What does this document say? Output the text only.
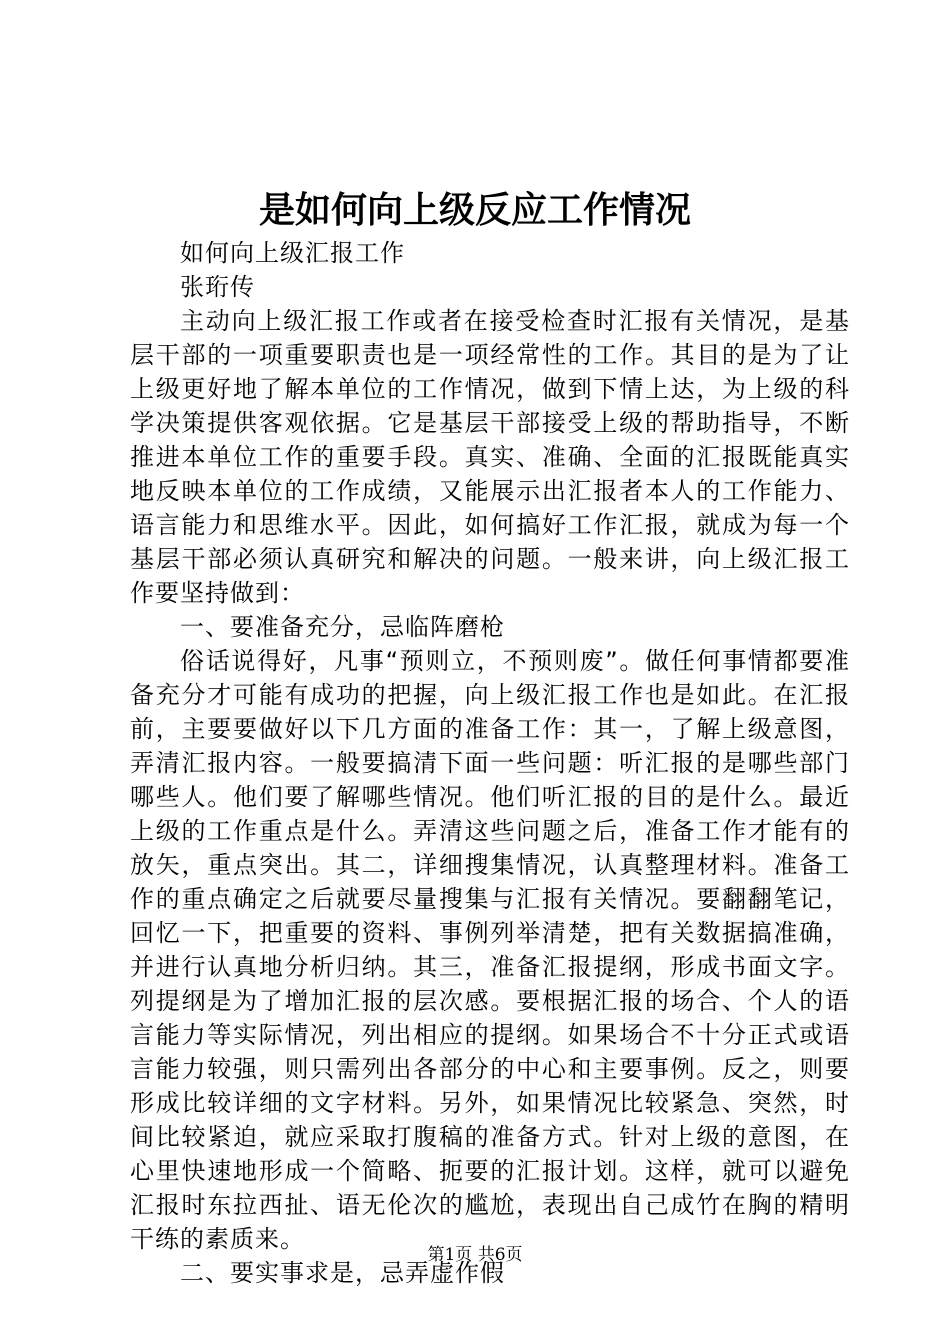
是如何向上级反应工作情况

如何向上级汇报工作

张珩传

主动向上级汇报工作或者在接受检查时汇报有关情况，是基层干部的一项重要职责也是一项经常性的工作。其目的是为了让上级更好地了解本单位的工作情况，做到下情上达，为上级的科学决策提供客观依据。它是基层干部接受上级的帮助指导，不断推进本单位工作的重要手段。真实、准确、全面的汇报既能真实地反映本单位的工作成绩，又能展示出汇报者本人的工作能力、语言能力和思维水平。因此，如何搞好工作汇报，就成为每一个基层干部必须认真研究和解决的问题。一般来讲，向上级汇报工作要坚持做到：

一、要准备充分，忌临阵磨枪

俗话说得好，凡事“预则立，不预则废”。做任何事情都要准备充分才可能有成功的把握，向上级汇报工作也是如此。在汇报前，主要要做好以下几方面的准备工作：其一，了解上级意图，弄清汇报内容。一般要搞清下面一些问题：听汇报的是哪些部门哪些人。他们要了解哪些情况。他们听汇报的目的是什么。最近上级的工作重点是什么。弄清这些问题之后，准备工作才能有的放矢，重点突出。其二，详细搜集情况，认真整理材料。准备工作的重点确定之后就要尽量搜集与汇报有关情况。要翻翻笔记，回忆一下，把重要的资料、事例列举清楚，把有关数据搞准确，并进行认真地分析归纳。其三，准备汇报提纲，形成书面文字。列提纲是为了增加汇报的层次感。要根据汇报的场合、个人的语言能力等实际情况，列出相应的提纲。如果场合不十分正式或语言能力较强，则只需列出各部分的中心和主要事例。反之，则要形成比较详细的文字材料。另外，如果情况比较紧急、突然，时间比较紧迫，就应采取打腹稿的准备方式。针对上级的意图，在心里快速地形成一个简略、扼要的汇报计划。这样，就可以避免汇报时东拉西扯、语无伦次的尴尬，表现出自己成竹在胸的精明干练的素质来。

二、要实事求是，忌弄虚作假

第1页 共6页
